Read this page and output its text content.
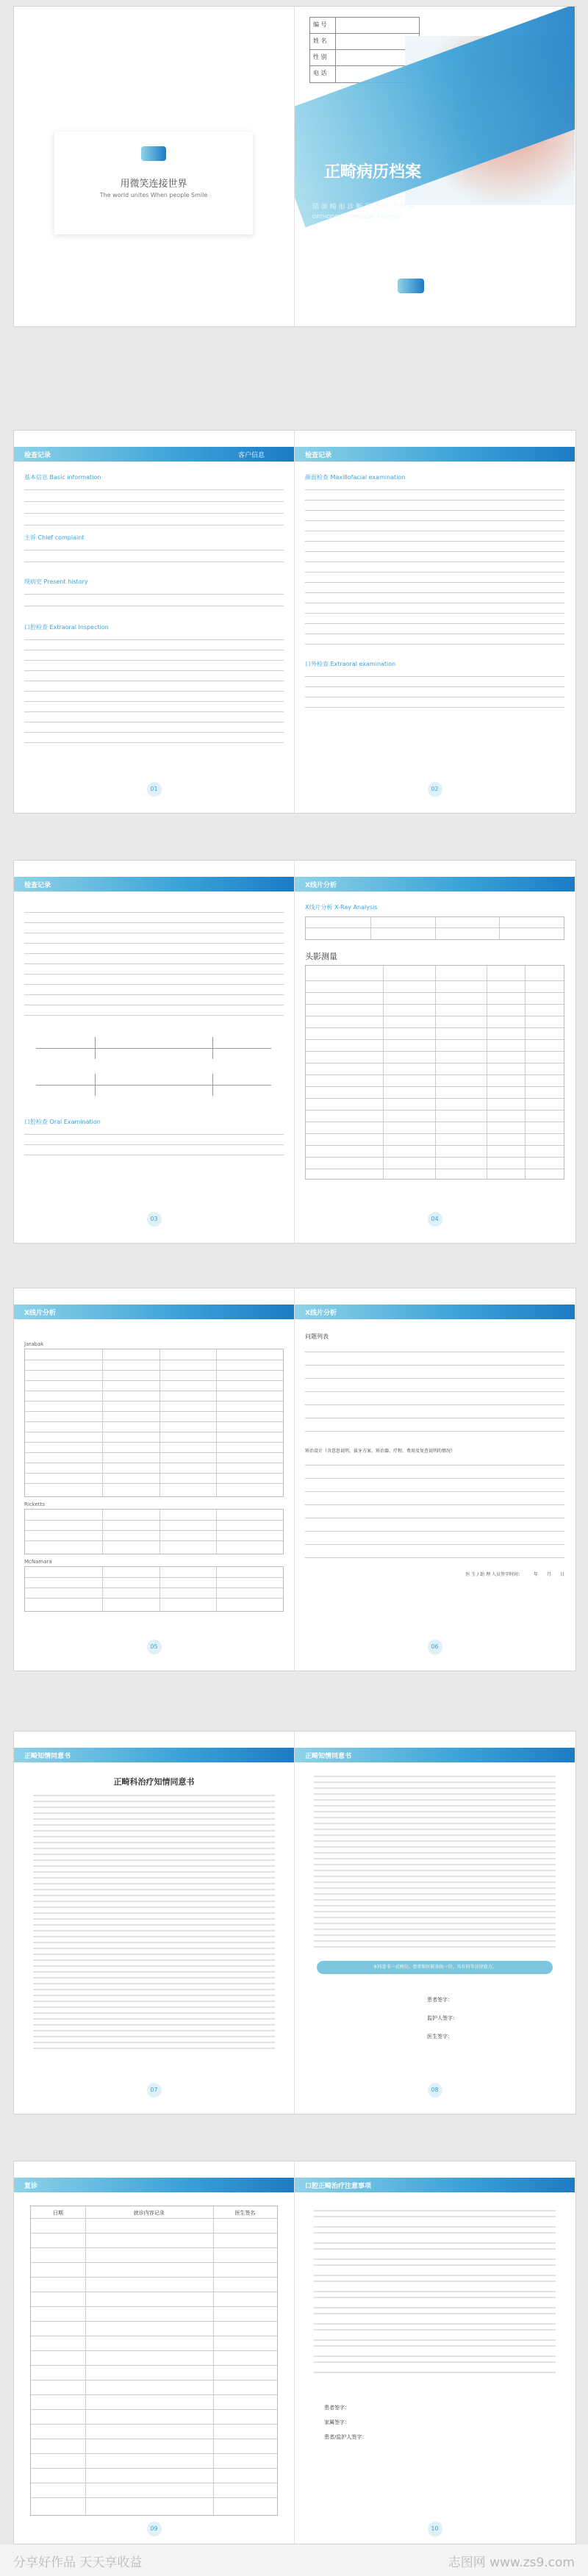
用微笑连接世界
The world unites When people Smile
编 号
姓 名
性 别
电 话
正畸病历档案
错 颌 畸 形 诊 断 及 治 疗 计 划 表
ORTHODONTIC MEDICAL RECORDS
检查记录	客户信息
基本信息 Basic information
主诉 Chief complaint
现病史 Present history
口腔检查 Extraoral Inspection
01
检查记录
颜面检查 Maxillofacial examination
口外检查 Extraoral examination
02
检查记录
口腔检查 Oral Examination
03
X线片分析
X线片分析 X-Ray Analysis
头影测量
04
X线片分析
Jarabak
Ricketts
McNamara
05
X线片分析
问题列表
矫治设计（含意思说明，拔牙方案、矫治器、疗程、费用及复查说明的情况）
医 生 / 助 理 人员签字时间：　　　年　　月　　日
06
正畸知情同意书
正畸科治疗知情同意书
07
正畸知情同意书
本同意书一式两份，患者和医院各执一份，具有同等法律效力。
患者签字：
监护人签字：
医生签字：
08
复诊
日期	就诊内容记录	医生签名
09
口腔正畸治疗注意事项
患者签字：
家属签字：
患者/监护人签字：
10
分享好作品 天天享收益	志图网 www.zs9.com
